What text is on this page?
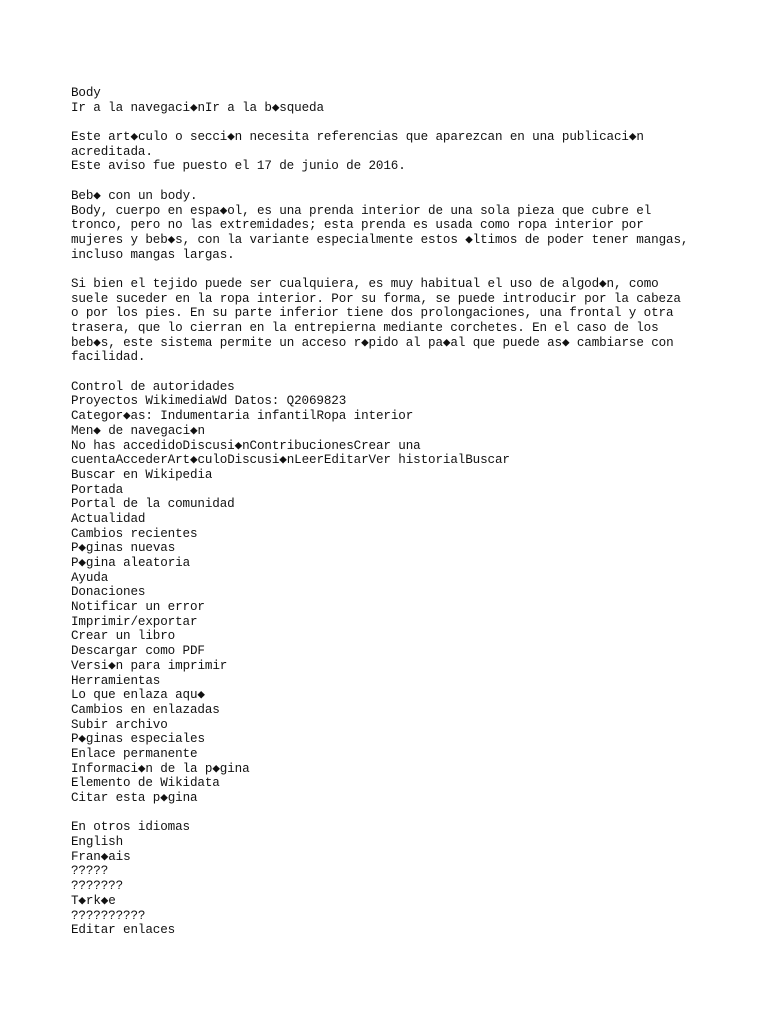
Body
Ir a la navegaci◆nIr a la b◆squeda
Este art◆culo o secci◆n necesita referencias que aparezcan en una publicaci◆n
acreditada.
Este aviso fue puesto el 17 de junio de 2016.
Beb◆ con un body.
Body, cuerpo en espa◆ol, es una prenda interior de una sola pieza que cubre el
tronco, pero no las extremidades; esta prenda es usada como ropa interior por
mujeres y beb◆s, con la variante especialmente estos ◆ltimos de poder tener mangas,
incluso mangas largas.
Si bien el tejido puede ser cualquiera, es muy habitual el uso de algod◆n, como
suele suceder en la ropa interior. Por su forma, se puede introducir por la cabeza
o por los pies. En su parte inferior tiene dos prolongaciones, una frontal y otra
trasera, que lo cierran en la entrepierna mediante corchetes. En el caso de los
beb◆s, este sistema permite un acceso r◆pido al pa◆al que puede as◆ cambiarse con
facilidad.
Control de autoridades
Proyectos WikimediaWd Datos: Q2069823
Categor◆as: Indumentaria infantilRopa interior
Men◆ de navegaci◆n
No has accedidoDiscusi◆nContribucionesCrear una
cuentaAccederArt◆culoDiscusi◆nLeerEditarVer historialBuscar
Buscar en Wikipedia
Portada
Portal de la comunidad
Actualidad
Cambios recientes
P◆ginas nuevas
P◆gina aleatoria
Ayuda
Donaciones
Notificar un error
Imprimir/exportar
Crear un libro
Descargar como PDF
Versi◆n para imprimir
Herramientas
Lo que enlaza aqu◆
Cambios en enlazadas
Subir archivo
P◆ginas especiales
Enlace permanente
Informaci◆n de la p◆gina
Elemento de Wikidata
Citar esta p◆gina
En otros idiomas
English
Fran◆ais
?????
???????
T◆rk◆e
??????????
Editar enlaces
